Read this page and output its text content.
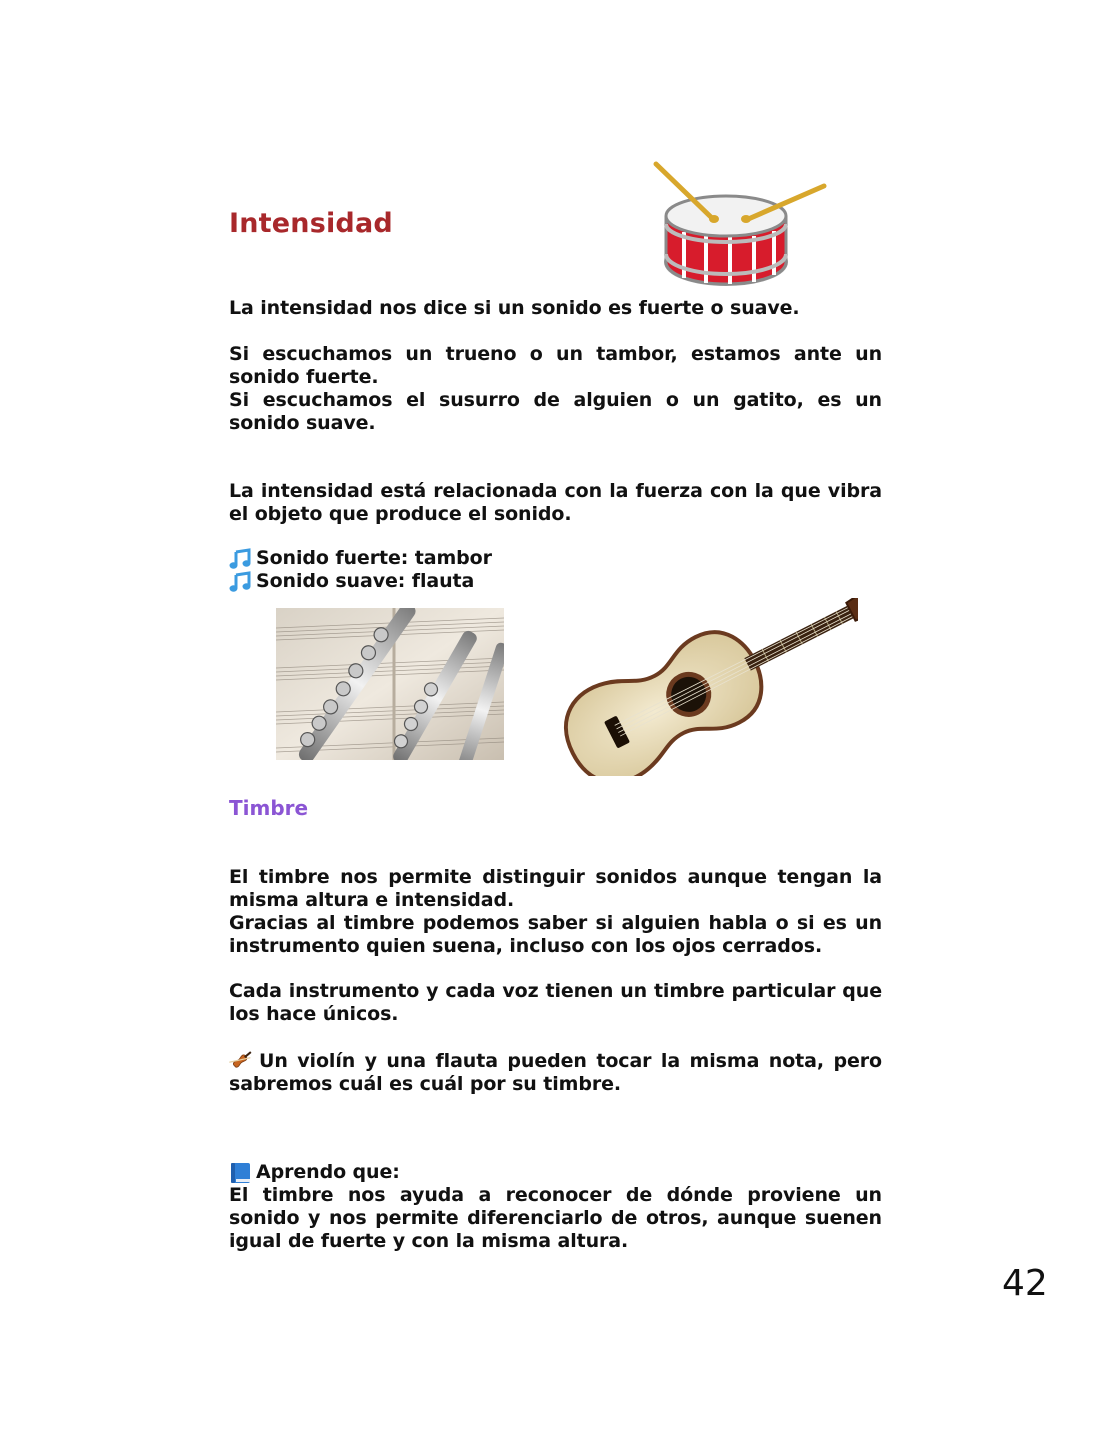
Intensidad
La intensidad nos dice si un sonido es fuerte o suave.
Si escuchamos un trueno o un tambor, estamos ante un sonido fuerte.
Si escuchamos el susurro de alguien o un gatito, es un sonido suave.
La intensidad está relacionada con la fuerza con la que vibra el objeto que produce el sonido.
Sonido fuerte: tambor
Sonido suave: flauta
Timbre
El timbre nos permite distinguir sonidos aunque tengan la misma altura e intensidad.
Gracias al timbre podemos saber si alguien habla o si es un instrumento quien suena, incluso con los ojos cerrados.
Cada instrumento y cada voz tienen un timbre particular que los hace únicos.
Un violín y una flauta pueden tocar la misma nota, pero sabremos cuál es cuál por su timbre.
Aprendo que:
El timbre nos ayuda a reconocer de dónde proviene un sonido y nos permite diferenciarlo de otros, aunque suenen igual de fuerte y con la misma altura.
42
